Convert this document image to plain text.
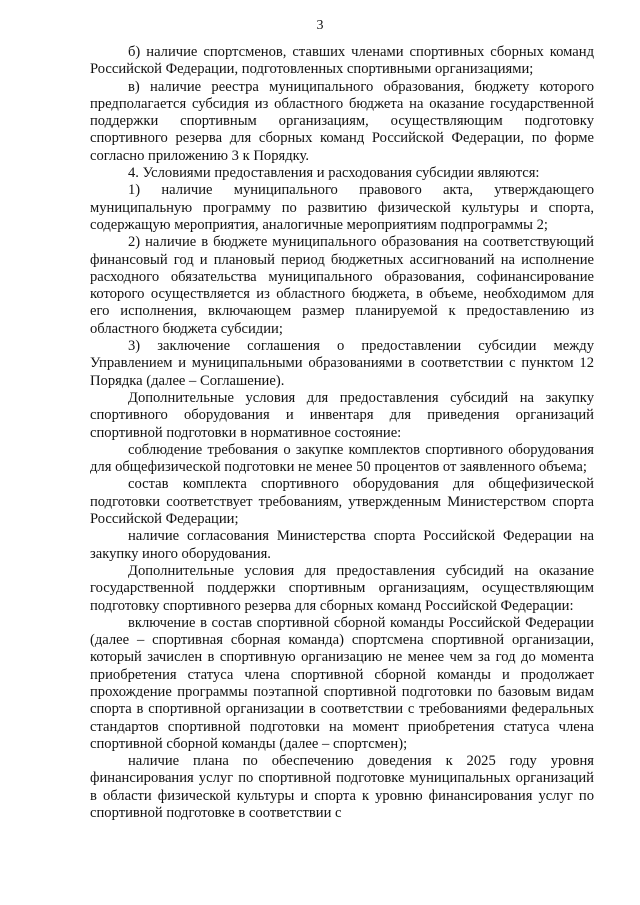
3

б) наличие спортсменов, ставших членами спортивных сборных команд Российской Федерации, подготовленных спортивными организациями;

в) наличие реестра муниципального образования, бюджету которого предполагается субсидия из областного бюджета на оказание государственной поддержки спортивным организациям, осуществляющим подготовку спортивного резерва для сборных команд Российской Федерации, по форме согласно приложению 3 к Порядку.

4. Условиями предоставления и расходования субсидии являются:

1) наличие муниципального правового акта, утверждающего муниципальную программу по развитию физической культуры и спорта, содержащую мероприятия, аналогичные мероприятиям подпрограммы 2;

2) наличие в бюджете муниципального образования на соответствующий финансовый год и плановый период бюджетных ассигнований на исполнение расходного обязательства муниципального образования, софинансирование которого осуществляется из областного бюджета, в объеме, необходимом для его исполнения, включающем размер планируемой к предоставлению из областного бюджета субсидии;

3) заключение соглашения о предоставлении субсидии между Управлением и муниципальными образованиями в соответствии с пунктом 12 Порядка (далее – Соглашение).

Дополнительные условия для предоставления субсидий на закупку спортивного оборудования и инвентаря для приведения организаций спортивной подготовки в нормативное состояние:

соблюдение требования о закупке комплектов спортивного оборудования для общефизической подготовки не менее 50 процентов от заявленного объема;

состав комплекта спортивного оборудования для общефизической подготовки соответствует требованиям, утвержденным Министерством спорта Российской Федерации;

наличие согласования Министерства спорта Российской Федерации на закупку иного оборудования.

Дополнительные условия для предоставления субсидий на оказание государственной поддержки спортивным организациям, осуществляющим подготовку спортивного резерва для сборных команд Российской Федерации:

включение в состав спортивной сборной команды Российской Федерации (далее – спортивная сборная команда) спортсмена спортивной организации, который зачислен в спортивную организацию не менее чем за год до момента приобретения статуса члена спортивной сборной команды и продолжает прохождение программы поэтапной спортивной подготовки по базовым видам спорта в спортивной организации в соответствии с требованиями федеральных стандартов спортивной подготовки на момент приобретения статуса члена спортивной сборной команды (далее – спортсмен);

наличие плана по обеспечению доведения к 2025 году уровня финансирования услуг по спортивной подготовке муниципальных организаций в области физической культуры и спорта к уровню финансирования услуг по спортивной подготовке в соответствии с
